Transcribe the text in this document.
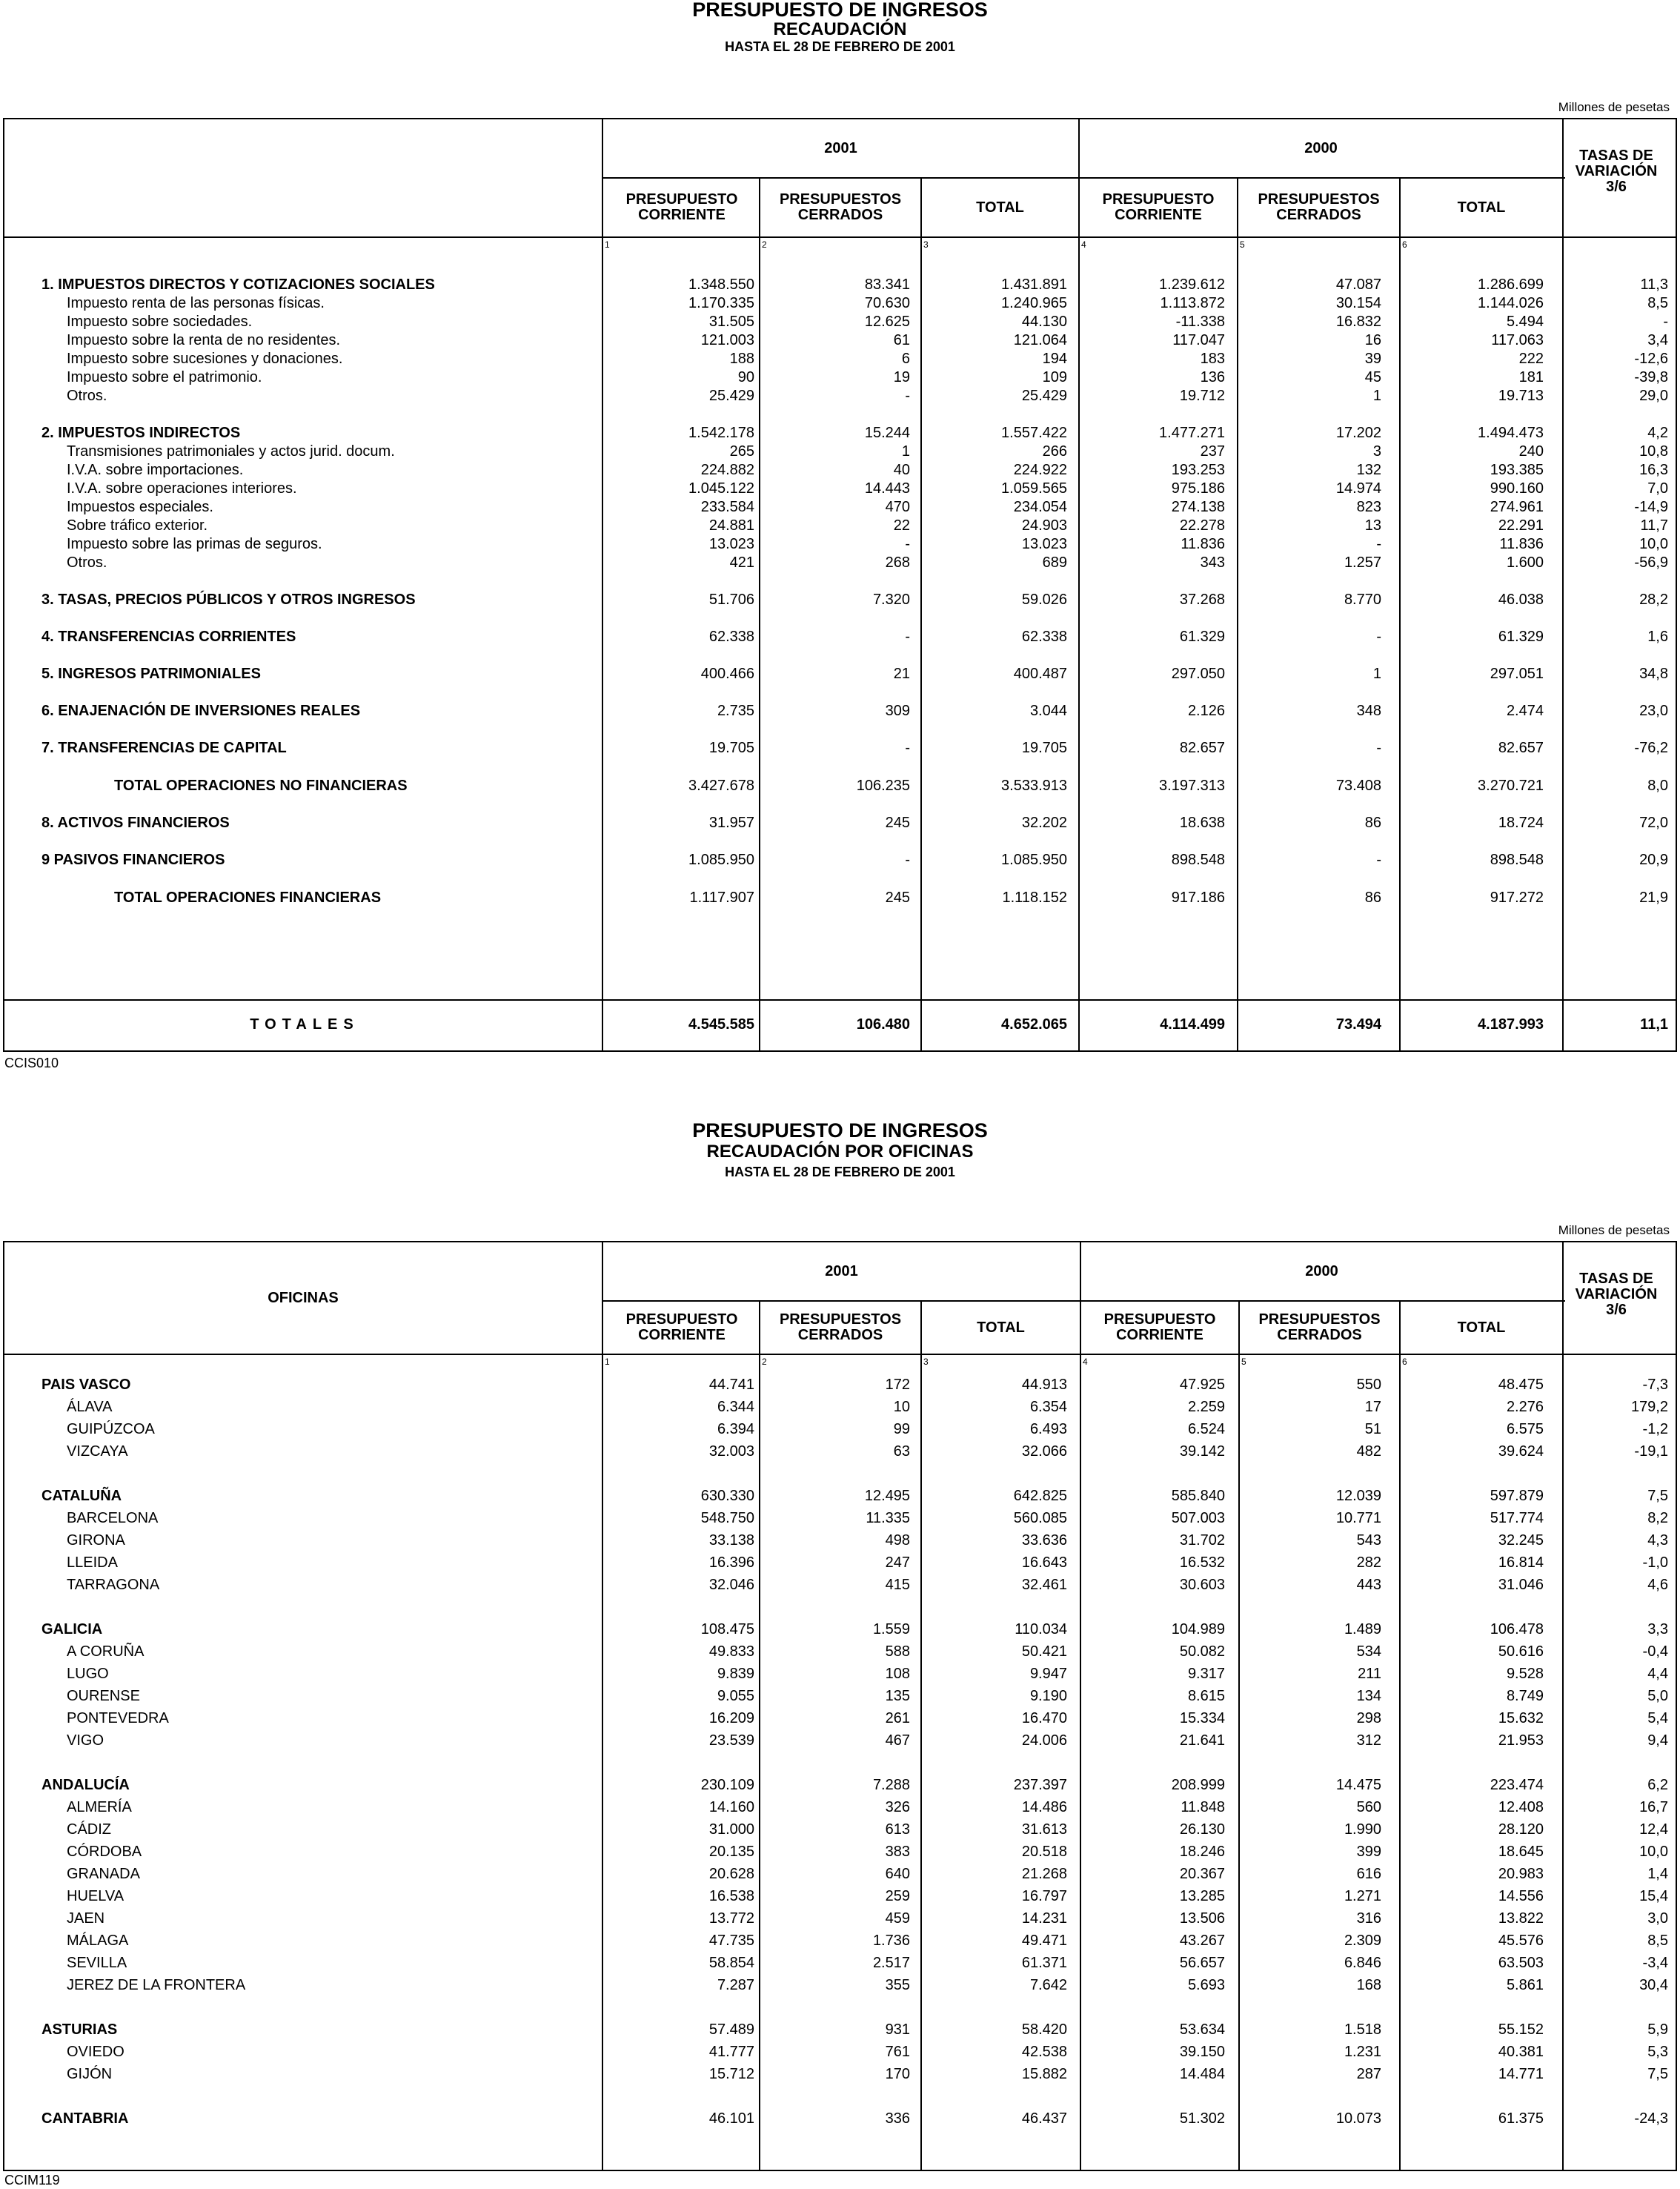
PRESUPUESTO DE INGRESOS
RECAUDACIÓN
HASTA EL 28 DE FEBRERO DE 2001
Millones de pesetas
2001	2000	TASAS DE VARIACIÓN 3/6
PRESUPUESTO CORRIENTE
PRESUPUESTOS CERRADOS	TOTAL	PRESUPUESTO CORRIENTE
PRESUPUESTOS CERRADOS	TOTAL
1	2	3	4	5	6
TOTALES	4.545.585	106.480	4.652.065	4.114.499	73.494	4.187.993	11,1
1. IMPUESTOS DIRECTOS Y COTIZACIONES SOCIALES	1.348.550	83.341	1.431.891	1.239.612	47.087	1.286.699	11,3
Impuesto renta de las personas físicas.	1.170.335	70.630	1.240.965	1.113.872	30.154	1.144.026	8,5
Impuesto sobre sociedades.	31.505	12.625	44.130	-11.338	16.832	5.494	-
Impuesto sobre la renta de no residentes.	121.003	61	121.064	117.047	16	117.063	3,4
Impuesto sobre sucesiones y donaciones.	188	6	194	183	39	222	-12,6
Impuesto sobre el patrimonio.	90	19	109	136	45	181	-39,8
Otros.	25.429	-	25.429	19.712	1	19.713	29,0
2. IMPUESTOS INDIRECTOS	1.542.178	15.244	1.557.422	1.477.271	17.202	1.494.473	4,2
Transmisiones patrimoniales y actos jurid. docum.	265	1	266	237	3	240	10,8
I.V.A. sobre importaciones.	224.882	40	224.922	193.253	132	193.385	16,3
I.V.A. sobre operaciones interiores.	1.045.122	14.443	1.059.565	975.186	14.974	990.160	7,0
Impuestos especiales.	233.584	470	234.054	274.138	823	274.961	-14,9
Sobre tráfico exterior.	24.881	22	24.903	22.278	13	22.291	11,7
Impuesto sobre las primas de seguros.	13.023	-	13.023	11.836	-	11.836	10,0
Otros.	421	268	689	343	1.257	1.600	-56,9
3. TASAS, PRECIOS PÚBLICOS Y OTROS INGRESOS	51.706	7.320	59.026	37.268	8.770	46.038	28,2
4. TRANSFERENCIAS CORRIENTES	62.338	-	62.338	61.329	-	61.329	1,6
5. INGRESOS PATRIMONIALES	400.466	21	400.487	297.050	1	297.051	34,8
6. ENAJENACIÓN DE INVERSIONES REALES	2.735	309	3.044	2.126	348	2.474	23,0
7. TRANSFERENCIAS DE CAPITAL	19.705	-	19.705	82.657	-	82.657	-76,2
TOTAL OPERACIONES NO FINANCIERAS	3.427.678	106.235	3.533.913	3.197.313	73.408	3.270.721	8,0
8. ACTIVOS FINANCIEROS	31.957	245	32.202	18.638	86	18.724	72,0
9 PASIVOS FINANCIEROS	1.085.950	-	1.085.950	898.548	-	898.548	20,9
TOTAL OPERACIONES FINANCIERAS	1.117.907	245	1.118.152	917.186	86	917.272	21,9
CCIS010
PRESUPUESTO DE INGRESOS
RECAUDACIÓN POR OFICINAS
HASTA EL 28 DE FEBRERO DE 2001
Millones de pesetas
OFICINAS
2001	2000	TASAS DE VARIACIÓN 3/6
PRESUPUESTO CORRIENTE
PRESUPUESTOS CERRADOS	TOTAL	PRESUPUESTO CORRIENTE
PRESUPUESTOS CERRADOS	TOTAL
1	2	3	4	5	6
PAIS VASCO	44.741	172	44.913	47.925	550	48.475	-7,3
ÁLAVA	6.344	10	6.354	2.259	17	2.276	179,2
GUIPÚZCOA	6.394	99	6.493	6.524	51	6.575	-1,2
VIZCAYA	32.003	63	32.066	39.142	482	39.624	-19,1
CATALUÑA	630.330	12.495	642.825	585.840	12.039	597.879	7,5
BARCELONA	548.750	11.335	560.085	507.003	10.771	517.774	8,2
GIRONA	33.138	498	33.636	31.702	543	32.245	4,3
LLEIDA	16.396	247	16.643	16.532	282	16.814	-1,0
TARRAGONA	32.046	415	32.461	30.603	443	31.046	4,6
GALICIA	108.475	1.559	110.034	104.989	1.489	106.478	3,3
A CORUÑA	49.833	588	50.421	50.082	534	50.616	-0,4
LUGO	9.839	108	9.947	9.317	211	9.528	4,4
OURENSE	9.055	135	9.190	8.615	134	8.749	5,0
PONTEVEDRA	16.209	261	16.470	15.334	298	15.632	5,4
VIGO	23.539	467	24.006	21.641	312	21.953	9,4
ANDALUCÍA	230.109	7.288	237.397	208.999	14.475	223.474	6,2
ALMERÍA	14.160	326	14.486	11.848	560	12.408	16,7
CÁDIZ	31.000	613	31.613	26.130	1.990	28.120	12,4
CÓRDOBA	20.135	383	20.518	18.246	399	18.645	10,0
GRANADA	20.628	640	21.268	20.367	616	20.983	1,4
HUELVA	16.538	259	16.797	13.285	1.271	14.556	15,4
JAEN	13.772	459	14.231	13.506	316	13.822	3,0
MÁLAGA	47.735	1.736	49.471	43.267	2.309	45.576	8,5
SEVILLA	58.854	2.517	61.371	56.657	6.846	63.503	-3,4
JEREZ DE LA FRONTERA	7.287	355	7.642	5.693	168	5.861	30,4
ASTURIAS	57.489	931	58.420	53.634	1.518	55.152	5,9
OVIEDO	41.777	761	42.538	39.150	1.231	40.381	5,3
GIJÓN	15.712	170	15.882	14.484	287	14.771	7,5
CANTABRIA	46.101	336	46.437	51.302	10.073	61.375	-24,3
CCIM119
